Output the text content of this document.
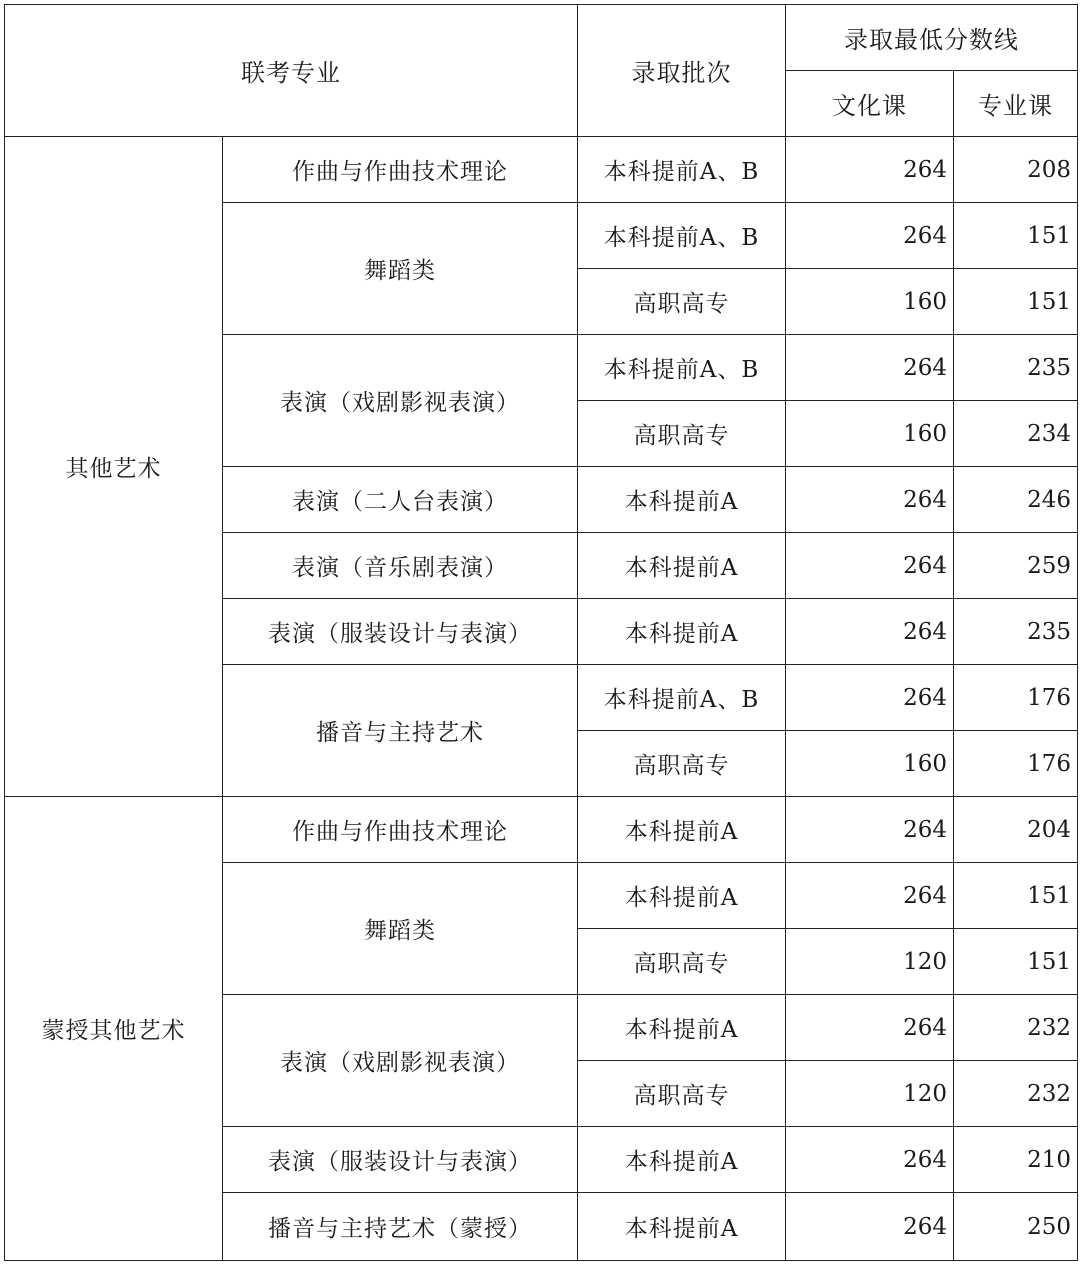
联考专业		录取批次	录取最低分数线	
			文化课	专业课
其他艺术	作曲与作曲技术理论	本科提前A、B	264	208
	舞蹈类	本科提前A、B	264	151
		高职高专	160	151
	表演（戏剧影视表演）	本科提前A、B	264	235
		高职高专	160	234
	表演（二人台表演）	本科提前A	264	246
	表演（音乐剧表演）	本科提前A	264	259
	表演（服装设计与表演）	本科提前A	264	235
	播音与主持艺术	本科提前A、B	264	176
		高职高专	160	176
蒙授其他艺术	作曲与作曲技术理论	本科提前A	264	204
	舞蹈类	本科提前A	264	151
		高职高专	120	151
	表演（戏剧影视表演）	本科提前A	264	232
		高职高专	120	232
	表演（服装设计与表演）	本科提前A	264	210
	播音与主持艺术（蒙授）	本科提前A	264	250
